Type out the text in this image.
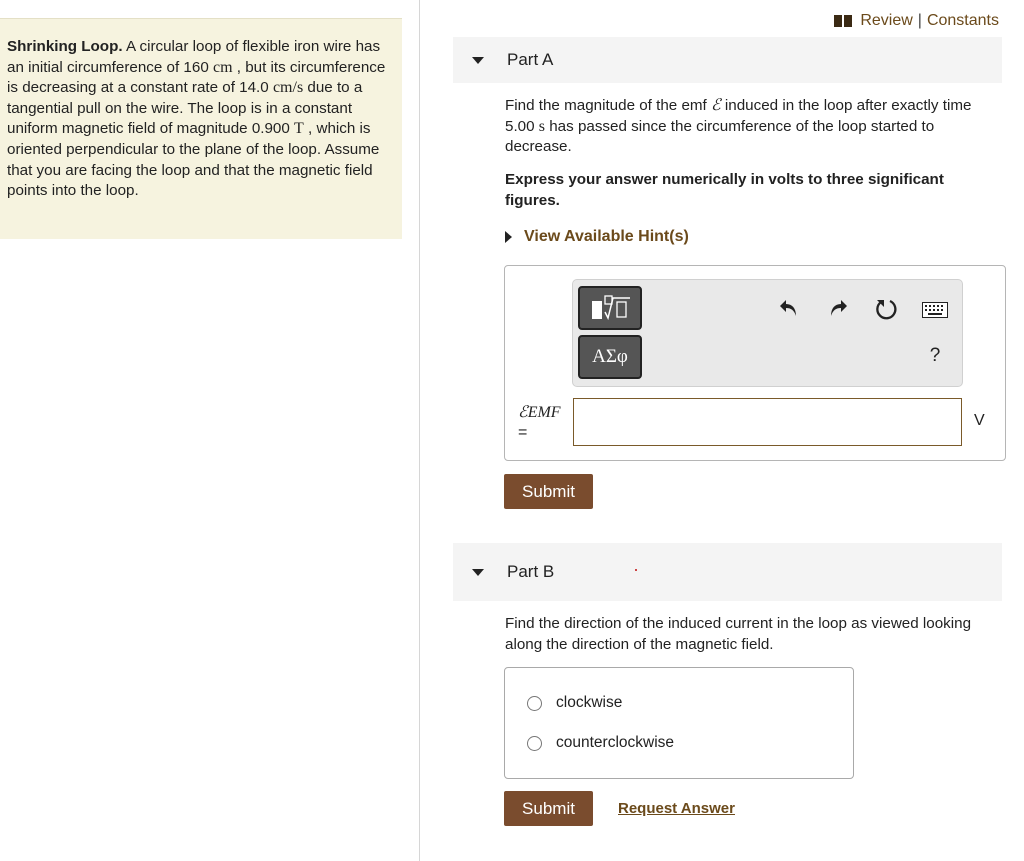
Shrinking Loop. A circular loop of flexible iron wire has an initial circumference of 160 cm , but its circumference is decreasing at a constant rate of 14.0 cm/s due to a tangential pull on the wire. The loop is in a constant uniform magnetic field of magnitude 0.900 T , which is oriented perpendicular to the plane of the loop. Assume that you are facing the loop and that the magnetic field points into the loop.
Review | Constants
Part A
Find the magnitude of the emf ℰ induced in the loop after exactly time 5.00 s has passed since the circumference of the loop started to decrease.
Express your answer numerically in volts to three significant figures.
View Available Hint(s)
ΑΣφ	?
ℰEMF
=
V
Submit
Part B
Find the direction of the induced current in the loop as viewed looking along the direction of the magnetic field.
clockwise
counterclockwise
Submit	Request Answer
